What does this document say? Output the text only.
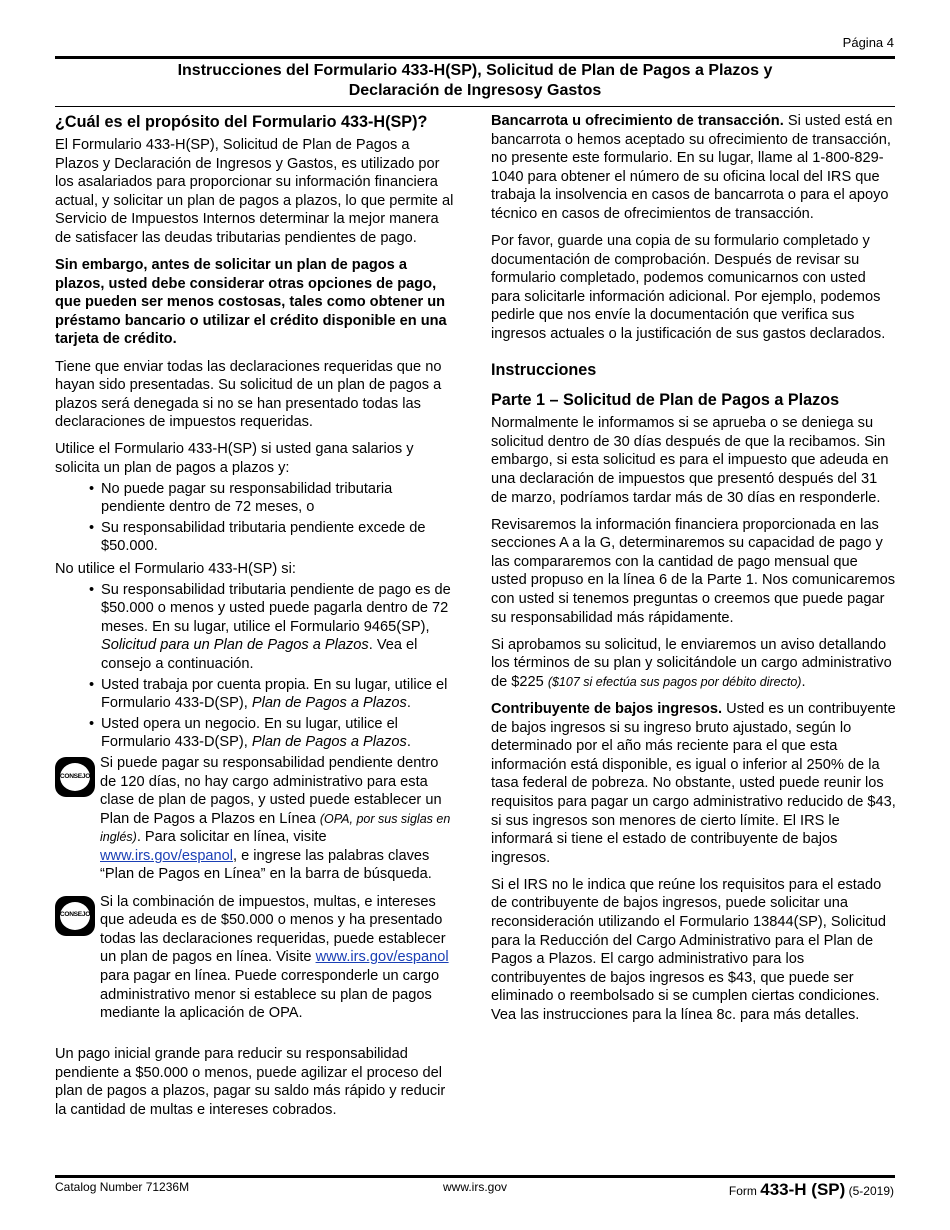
Página 4
Instrucciones del Formulario 433-H(SP), Solicitud de Plan de Pagos a Plazos y
Declaración de Ingresosy Gastos
¿Cuál es el propósito del Formulario 433-H(SP)?

El Formulario 433-H(SP), Solicitud de Plan de Pagos a Plazos y Declaración de Ingresos y Gastos, es utilizado por los asalariados para proporcionar su información financiera actual, y solicitar un plan de pagos a plazos, lo que permite al Servicio de Impuestos Internos determinar la mejor manera de satisfacer las deudas tributarias pendientes de pago.

Sin embargo, antes de solicitar un plan de pagos a plazos, usted debe considerar otras opciones de pago, que pueden ser menos costosas, tales como obtener un préstamo bancario o utilizar el crédito disponible en una tarjeta de crédito.

Tiene que enviar todas las declaraciones requeridas que no hayan sido presentadas. Su solicitud de un plan de pagos a plazos será denegada si no se han presentado todas las declaraciones de impuestos requeridas.

Utilice el Formulario 433-H(SP) si usted gana salarios y solicita un plan de pagos a plazos y:

• No puede pagar su responsabilidad tributaria pendiente dentro de 72 meses, o
• Su responsabilidad tributaria pendiente excede de $50.000.

No utilice el Formulario 433-H(SP) si:

• Su responsabilidad tributaria pendiente de pago es de $50.000 o menos y usted puede pagarla dentro de 72 meses. En su lugar, utilice el Formulario 9465(SP), Solicitud para un Plan de Pagos a Plazos. Vea el consejo a continuación.
• Usted trabaja por cuenta propia. En su lugar, utilice el Formulario 433-D(SP), Plan de Pagos a Plazos.
• Usted opera un negocio. En su lugar, utilice el Formulario 433-D(SP), Plan de Pagos a Plazos.
CONSEJO
Si puede pagar su responsabilidad pendiente dentro de 120 días, no hay cargo administrativo para esta clase de plan de pagos, y usted puede establecer un Plan de Pagos a Plazos en Línea (OPA, por sus siglas en inglés). Para solicitar en línea, visite www.irs.gov/espanol, e ingrese las palabras claves “Plan de Pagos en Línea” en la barra de búsqueda.
CONSEJO
Si la combinación de impuestos, multas, e intereses que adeuda es de $50.000 o menos y ha presentado todas las declaraciones requeridas, puede establecer un plan de pagos en línea. Visite www.irs.gov/espanol para pagar en línea. Puede corresponderle un cargo administrativo menor si establece su plan de pagos mediante la aplicación de OPA.

Un pago inicial grande para reducir su responsabilidad pendiente a $50.000 o menos, puede agilizar el proceso del plan de pagos a plazos, pagar su saldo más rápido y reducir la cantidad de multas e intereses cobrados.

Bancarrota u ofrecimiento de transacción. Si usted está en bancarrota o hemos aceptado su ofrecimiento de transacción, no presente este formulario. En su lugar, llame al 1-800-829-1040 para obtener el número de su oficina local del IRS que trabaja la insolvencia en casos de bancarrota o para el apoyo técnico en casos de ofrecimientos de transacción.

Por favor, guarde una copia de su formulario completado y documentación de comprobación. Después de revisar su formulario completado, podemos comunicarnos con usted para solicitarle información adicional. Por ejemplo, podemos pedirle que nos envíe la documentación que verifica sus ingresos actuales o la justificación de sus gastos declarados.

Instrucciones
Parte 1 – Solicitud de Plan de Pagos a Plazos

Normalmente le informamos si se aprueba o se deniega su solicitud dentro de 30 días después de que la recibamos. Sin embargo, si esta solicitud es para el impuesto que adeuda en una declaración de impuestos que presentó después del 31 de marzo, podríamos tardar más de 30 días en responderle.

Revisaremos la información financiera proporcionada en las secciones A a la G, determinaremos su capacidad de pago y las compararemos con la cantidad de pago mensual que usted propuso en la línea 6 de la Parte 1. Nos comunicaremos con usted si tenemos preguntas o creemos que puede pagar su responsabilidad más rápidamente.

Si aprobamos su solicitud, le enviaremos un aviso detallando los términos de su plan y solicitándole un cargo administrativo de $225 ($107 si efectúa sus pagos por débito directo).

Contribuyente de bajos ingresos. Usted es un contribuyente de bajos ingresos si su ingreso bruto ajustado, según lo determinado por el año más reciente para el que esta información está disponible, es igual o inferior al 250% de la tasa federal de pobreza. No obstante, usted puede reunir los requisitos para pagar un cargo administrativo reducido de $43, si sus ingresos son menores de cierto límite. El IRS le informará si tiene el estado de contribuyente de bajos ingresos.

Si el IRS no le indica que reúne los requisitos para el estado de contribuyente de bajos ingresos, puede solicitar una reconsideración utilizando el Formulario 13844(SP), Solicitud para la Reducción del Cargo Administrativo para el Plan de Pagos a Plazos. El cargo administrativo para los contribuyentes de bajos ingresos es $43, que puede ser eliminado o reembolsado si se cumplen ciertas condiciones. Vea las instrucciones para la línea 8c. para más detalles.

Catalog Number 71236M	www.irs.gov	Form 433-H (SP) (5-2019)
